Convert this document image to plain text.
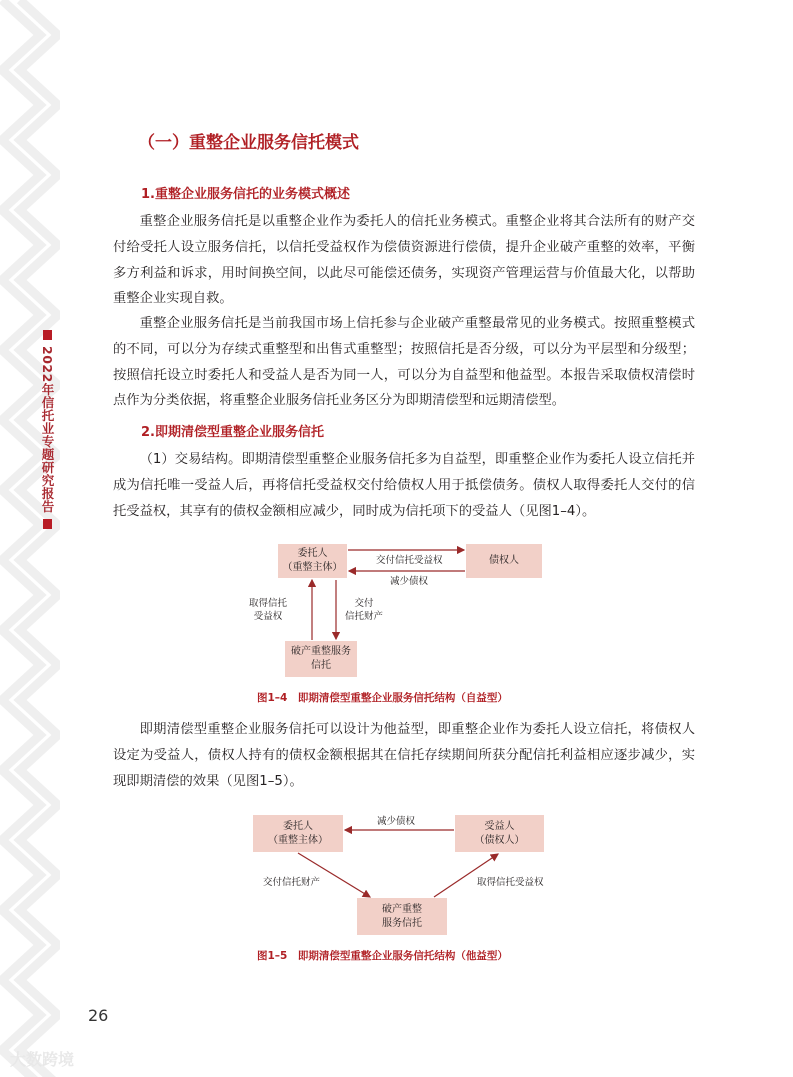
2022年信托业专题研究报告
（一）重整企业服务信托模式
1.重整企业服务信托的业务模式概述

重整企业服务信托是以重整企业作为委托人的信托业务模式。重整企业将其合法所有的财产交付给受托人设立服务信托，以信托受益权作为偿债资源进行偿债，提升企业破产重整的效率，平衡多方利益和诉求，用时间换空间，以此尽可能偿还债务，实现资产管理运营与价值最大化，以帮助重整企业实现自救。

重整企业服务信托是当前我国市场上信托参与企业破产重整最常见的业务模式。按照重整模式的不同，可以分为存续式重整型和出售式重整型；按照信托是否分级，可以分为平层型和分级型；按照信托设立时委托人和受益人是否为同一人，可以分为自益型和他益型。本报告采取债权清偿时点作为分类依据，将重整企业服务信托业务区分为即期清偿型和远期清偿型。

2.即期清偿型重整企业服务信托

（1）交易结构。即期清偿型重整企业服务信托多为自益型，即重整企业作为委托人设立信托并成为信托唯一受益人后，再将信托受益权交付给债权人用于抵偿债务。债权人取得委托人交付的信托受益权，其享有的债权金额相应减少，同时成为信托项下的受益人（见图1–4）。

委托人
（重整主体）
债权人
破产重整服务
信托
交付信托受益权
减少债权
取得信托
受益权
交付
信托财产
图1–4　即期清偿型重整企业服务信托结构（自益型）

即期清偿型重整企业服务信托可以设计为他益型，即重整企业作为委托人设立信托，将债权人设定为受益人，债权人持有的债权金额根据其在信托存续期间所获分配信托利益相应逐步减少，实现即期清偿的效果（见图1–5）。

委托人
（重整主体）
受益人
（债权人）
破产重整
服务信托
减少债权
交付信托财产	取得信托受益权
图1–5　即期清偿型重整企业服务信托结构（他益型）
26
大数跨境
